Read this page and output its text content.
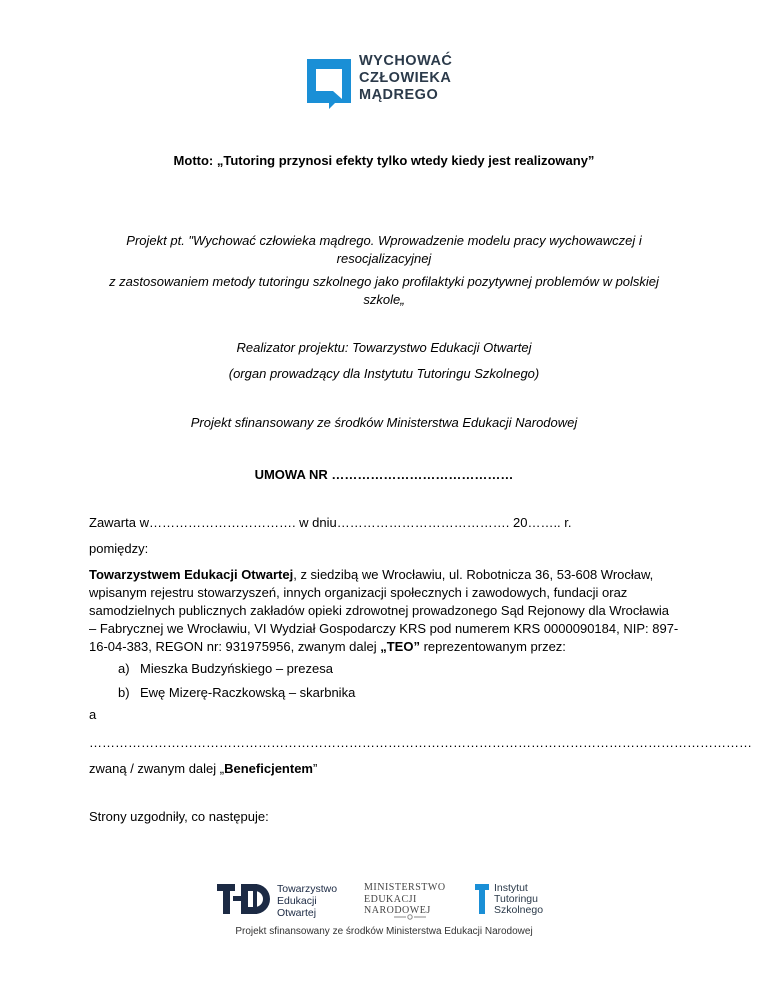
WYCHOWAĆ
CZŁOWIEKA
MĄDREGO
Motto: „Tutoring przynosi efekty tylko wtedy kiedy jest realizowany”
Projekt pt. "Wychować człowieka mądrego. Wprowadzenie modelu pracy wychowawczej i
resocjalizacyjnej
z zastosowaniem metody tutoringu szkolnego jako profilaktyki pozytywnej problemów w polskiej
szkole„
Realizator projektu: Towarzystwo Edukacji Otwartej
(organ prowadzący dla Instytutu Tutoringu Szkolnego)
Projekt sfinansowany ze środków Ministerstwa Edukacji Narodowej
UMOWA NR ……………………………………
Zawarta w……………………………. w dniu…………………………………. 20…….. r.
pomiędzy:
Towarzystwem Edukacji Otwartej, z siedzibą we Wrocławiu, ul. Robotnicza 36, 53-608 Wrocław,
wpisanym rejestru stowarzyszeń, innych organizacji społecznych i zawodowych, fundacji oraz
samodzielnych publicznych zakładów opieki zdrowotnej prowadzonego Sąd Rejonowy dla Wrocławia
– Fabrycznej we Wrocławiu, VI Wydział Gospodarczy KRS pod numerem KRS 0000090184, NIP: 897-
16-04-383, REGON nr: 931975956, zwanym dalej „TEO” reprezentowanym przez:
a) Mieszka Budzyńskiego – prezesa
b) Ewę Mizerę-Raczkowską – skarbnika
a
………………………………………………………………………………………………………………………………………
zwaną / zwanym dalej „Beneficjentem”
Strony uzgodniły, co następuje:
Towarzystwo
Edukacji
Otwartej
MINISTERSTWO
EDUKACJI
NARODOWEJ
Instytut
Tutoringu
Szkolnego
Projekt sfinansowany ze środków Ministerstwa Edukacji Narodowej
